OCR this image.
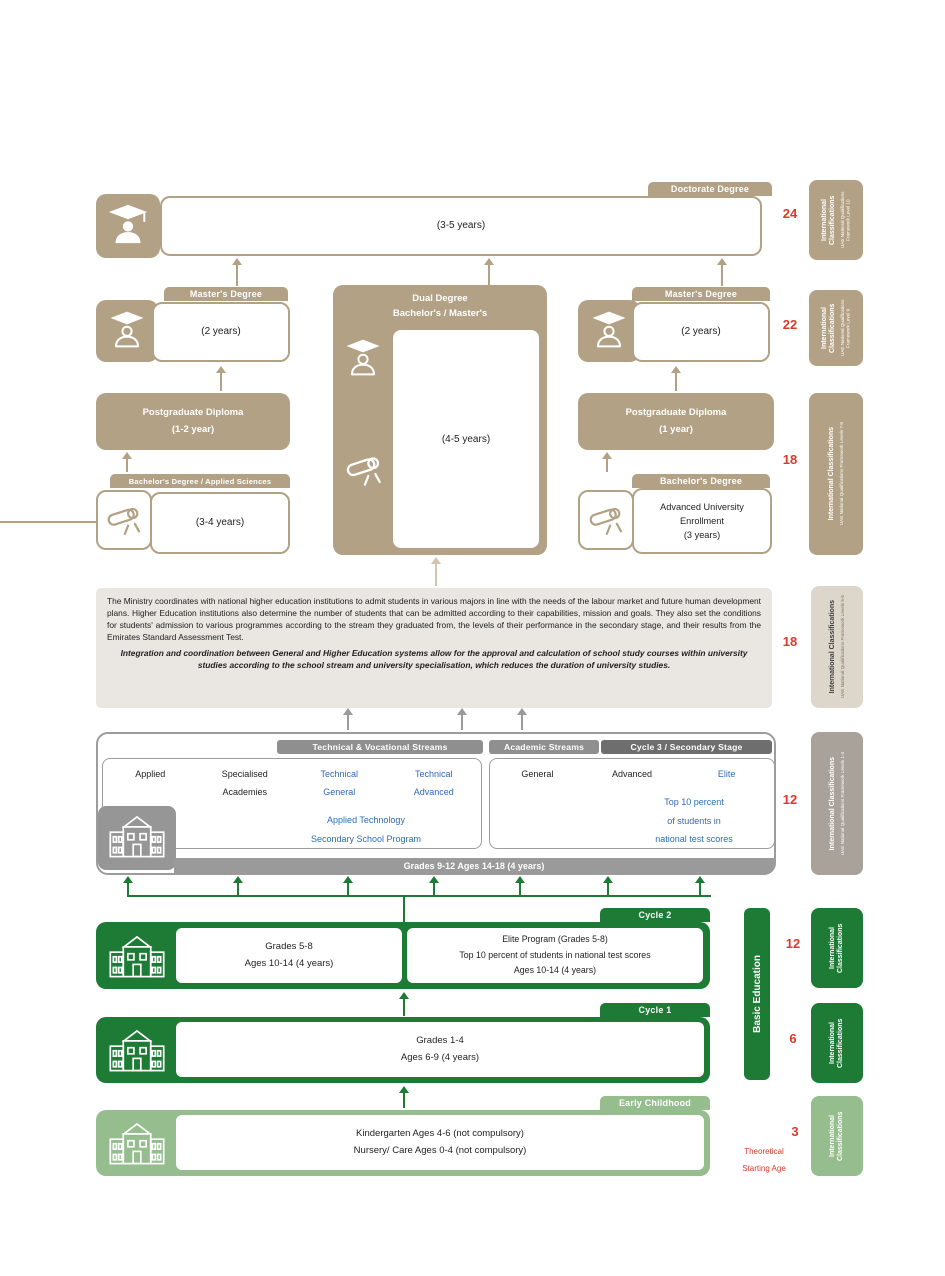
Doctorate Degree
(3-5 years)
24	International Classifications UAE National Qualifications Framework Level 10
Master's Degree
(2 years)
Dual Degree
Bachelor's / Master's
(4-5 years)
Master's Degree
(2 years)	22	International Classifications UAE National Qualifications Framework Level 9
Postgraduate Diploma
(1-2 year)
Postgraduate Diploma
(1 year)
Bachelor's Degree / Applied Sciences
(3-4 years)
Bachelor's Degree
Advanced University
Enrollment
(3 years)
18	International Classifications UAE National Qualifications Framework Levels 7-8
The Ministry coordinates with national higher education institutions to admit students in various majors in line with the needs of the labour market and future human development plans. Higher Education institutions also determine the number of students that can be admitted according to their capabilities, mission and goals. They also set the conditions for students' admission to various programmes according to the stream they graduated from, the levels of their performance in the secondary stage, and their results from the Emirates Standard Assessment Test.
Integration and coordination between General and Higher Education systems allow for the approval and calculation of school study courses within university studies according to the school stream and university specialisation, which reduces the duration of university studies.
18	International Classifications UAE National Qualifications Framework Levels 5-6
Technical & Vocational Streams	Academic Streams	Cycle 3 / Secondary Stage
Applied	Specialised
Academies
Technical
General
Technical
Advanced
Applied Technology
Secondary School Program
General	Advanced	Elite
Top 10 percent
of students in
national test scores
Grades 9-12 Ages 14-18 (4 years)
12	International Classifications UAE National Qualifications Framework Levels 1-4
Cycle 2
Grades 5-8
Ages 10-14 (4 years)
Elite Program (Grades 5-8)
Top 10 percent of students in national test scores
Ages 10-14 (4 years)	Basic Education
12	International Classifications
Cycle 1
Grades 1-4
Ages 6-9 (4 years)
6	International Classifications
Early Childhood
Kindergarten Ages 4-6 (not compulsory)
Nursery/ Care Ages 0-4 (not compulsory)
3
Theoretical
Starting Age
International Classifications
